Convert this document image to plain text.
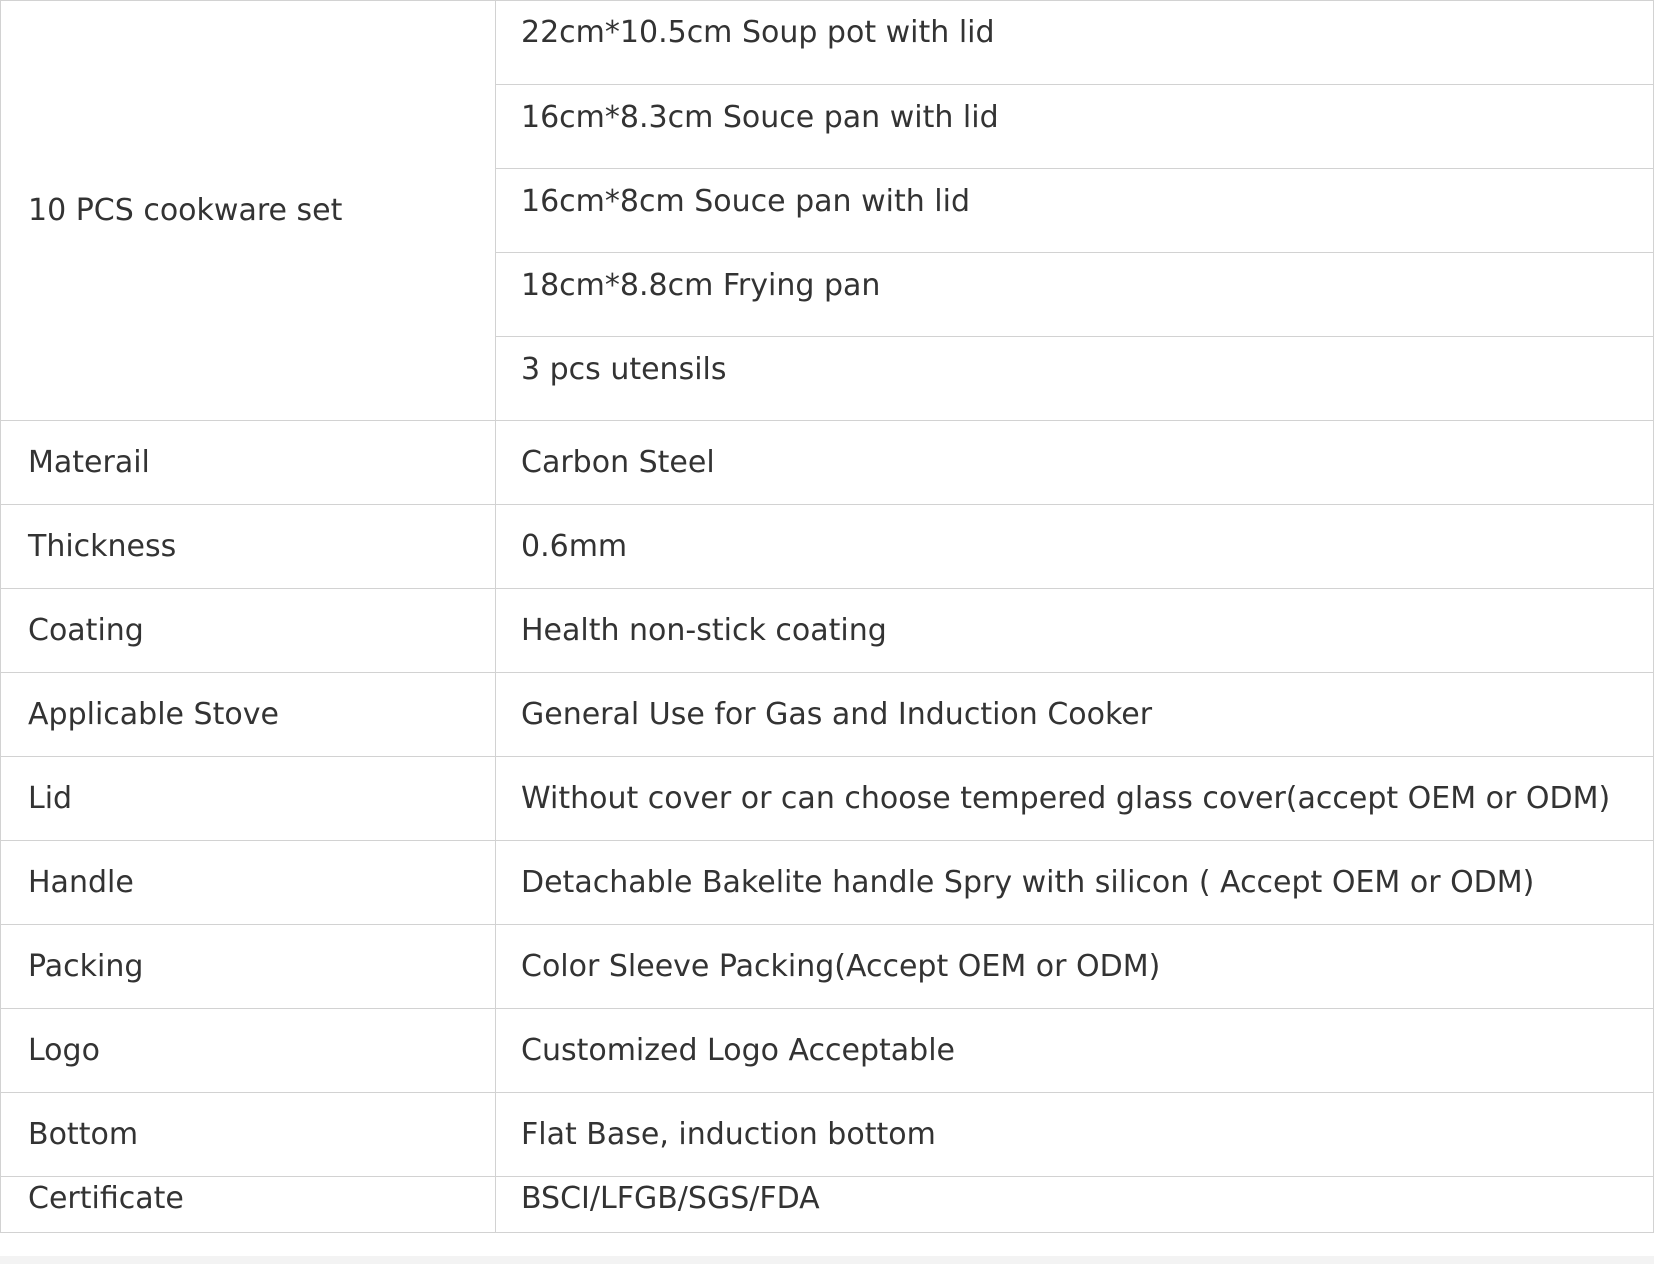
10 PCS cookware set	22cm*10.5cm Soup pot with lid
	16cm*8.3cm Souce pan with lid
	16cm*8cm Souce pan with lid
	18cm*8.8cm Frying pan
	3 pcs utensils
Materail	Carbon Steel
Thickness	0.6mm
Coating	Health non-stick coating
Applicable Stove	General Use for Gas and Induction Cooker
Lid	Without cover or can choose tempered glass cover(accept OEM or ODM)
Handle	Detachable Bakelite handle Spry with silicon ( Accept OEM or ODM)
Packing	Color Sleeve Packing(Accept OEM or ODM)
Logo	Customized Logo Acceptable
Bottom	Flat Base, induction bottom
Certificate	BSCI/LFGB/SGS/FDA
